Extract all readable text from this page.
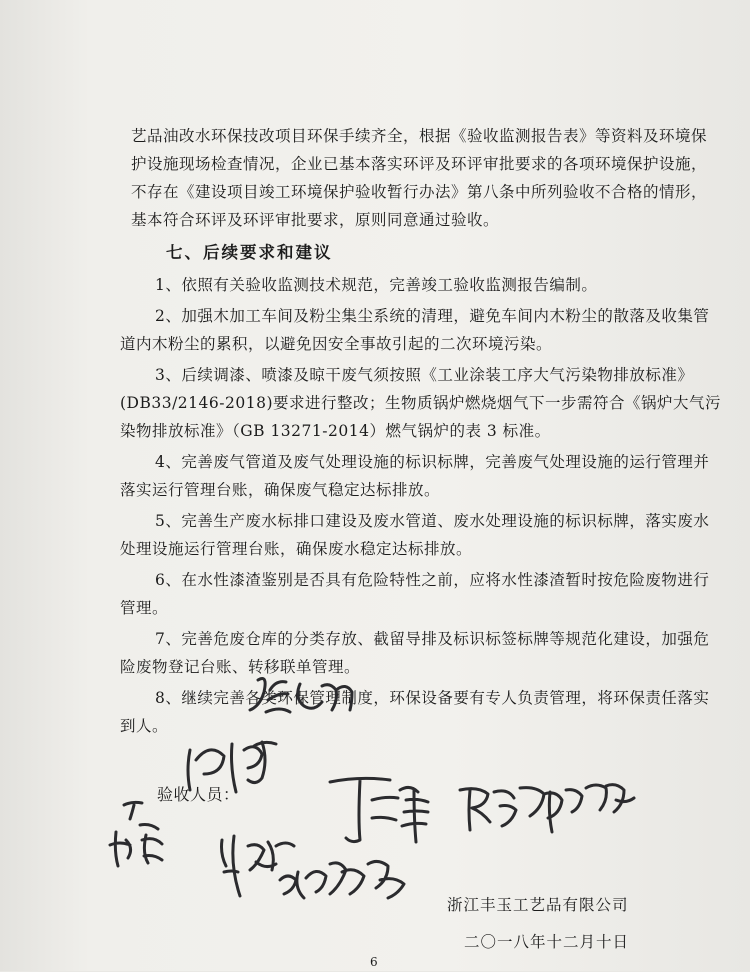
艺品油改水环保技改项目环保手续齐全，根据《验收监测报告表》等资料及环境保
护设施现场检查情况，企业已基本落实环评及环评审批要求的各项环境保护设施，
不存在《建设项目竣工环境保护验收暂行办法》第八条中所列验收不合格的情形，
基本符合环评及环评审批要求，原则同意通过验收。
七、后续要求和建议
1、依照有关验收监测技术规范，完善竣工验收监测报告编制。
2、加强木加工车间及粉尘集尘系统的清理，避免车间内木粉尘的散落及收集管
道内木粉尘的累积，以避免因安全事故引起的二次环境污染。
3、后续调漆、喷漆及晾干废气须按照《工业涂装工序大气污染物排放标准》
(DB33/2146-2018)要求进行整改；生物质锅炉燃烧烟气下一步需符合《锅炉大气污
染物排放标准》（GB 13271-2014）燃气锅炉的表 3 标准。
4、完善废气管道及废气处理设施的标识标牌，完善废气处理设施的运行管理并
落实运行管理台账，确保废气稳定达标排放。
5、完善生产废水标排口建设及废水管道、废水处理设施的标识标牌，落实废水
处理设施运行管理台账，确保废水稳定达标排放。
6、在水性漆渣鉴别是否具有危险特性之前，应将水性漆渣暂时按危险废物进行
管理。
7、完善危废仓库的分类存放、截留导排及标识标签标牌等规范化建设，加强危
险废物登记台账、转移联单管理。
8、继续完善各类环保管理制度，环保设备要有专人负责管理，将环保责任落实
到人。
验收人员：
浙江丰玉工艺品有限公司
二〇一八年十二月十日
6
